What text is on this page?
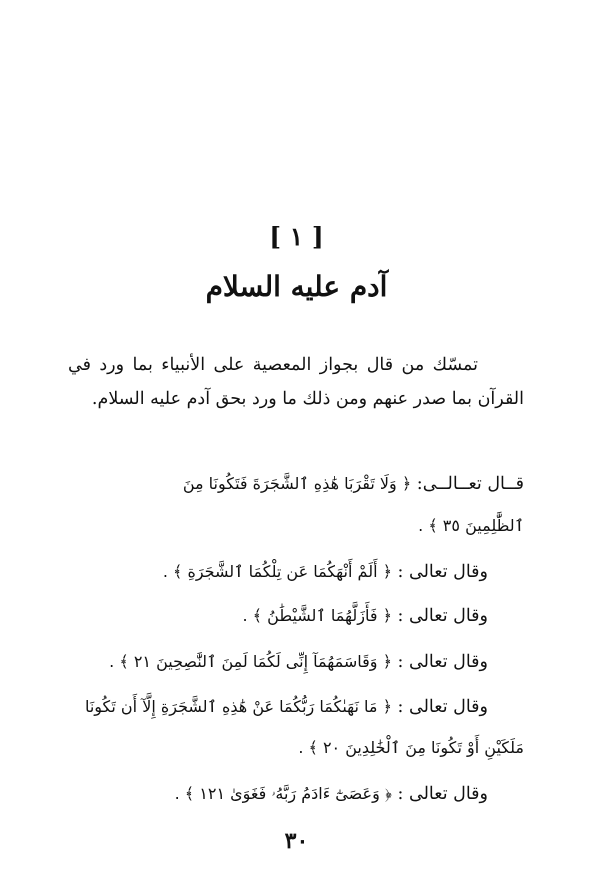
[ ١ ]
آدم عليه السلام
تمسّك من قال بجواز المعصية على الأنبياء بما ورد في القرآن بما صدر عنهم ومن ذلك ما ورد بحق آدم عليه السلام.
قــال تعــالــى: ﴿ وَلَا تَقْرَبَا هَٰذِهِ ٱلشَّجَرَةَ فَتَكُونَا مِنَ
ٱلظَّٰلِمِينَ ٣٥ ﴾ .
وقال تعالى : ﴿ أَلَمْ أَنْهَكُمَا عَن تِلْكُمَا ٱلشَّجَرَةِ ﴾ .
وقال تعالى : ﴿ فَأَزَلَّهُمَا ٱلشَّيْطَٰنُ ﴾ .
وقال تعالى : ﴿ وَقَاسَمَهُمَآ إِنِّى لَكُمَا لَمِنَ ٱلنَّٰصِحِينَ ٢١ ﴾ .
وقال تعالى : ﴿ مَا نَهَىٰكُمَا رَبُّكُمَا عَنْ هَٰذِهِ ٱلشَّجَرَةِ إِلَّآ أَن تَكُونَا
مَلَكَيْنِ أَوْ تَكُونَا مِنَ ٱلْخَٰلِدِينَ ٢٠ ﴾ .
وقال تعالى : ﴿ وَعَصَىٰٓ ءَادَمُ رَبَّهُۥ فَغَوَىٰ ١٢١ ﴾ .
٣٠
